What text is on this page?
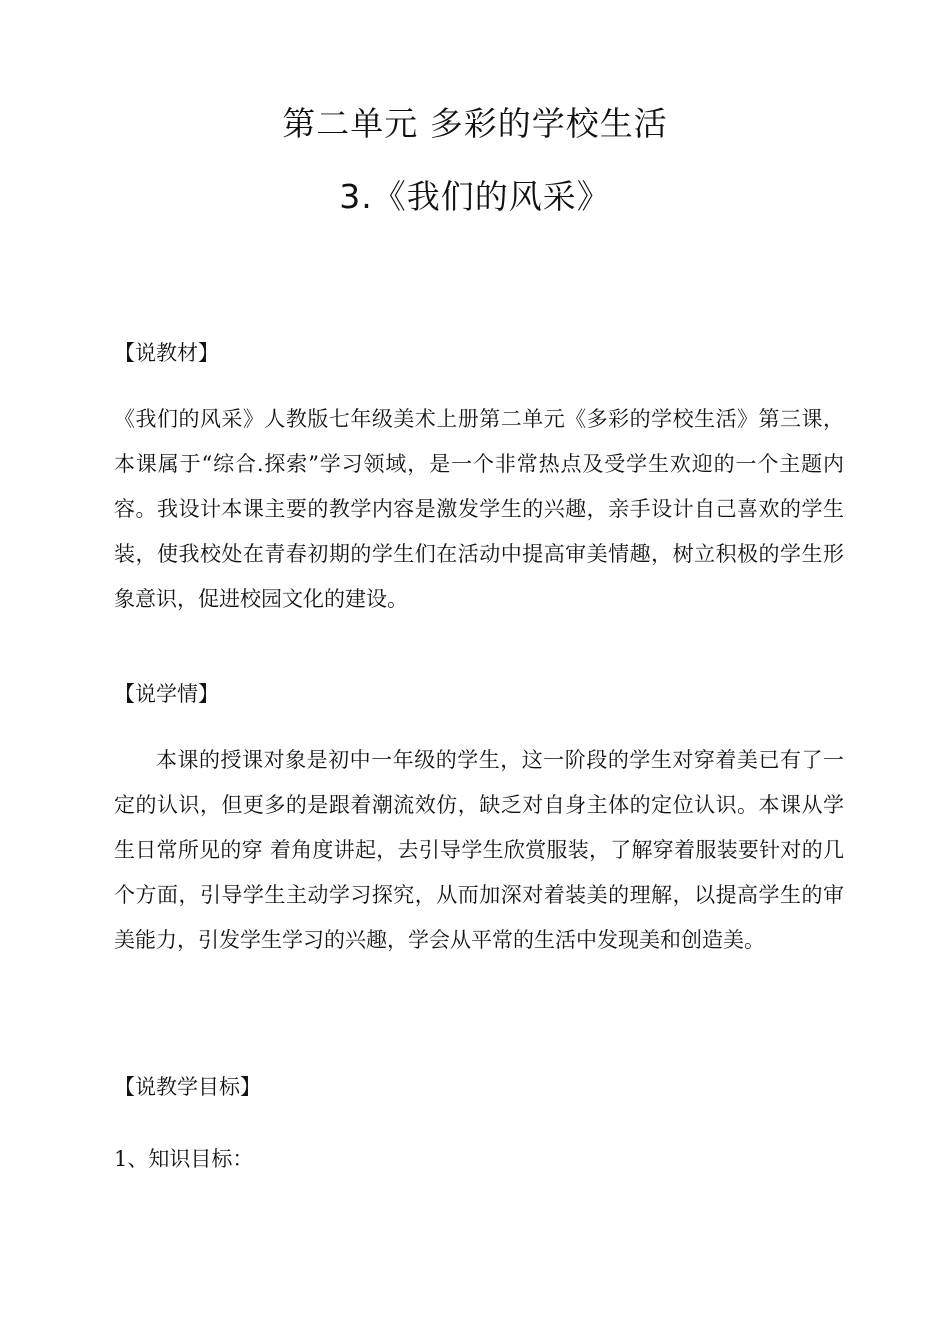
第二单元 多彩的学校生活
3.《我们的风采》

【说教材】

《我们的风采》人教版七年级美术上册第二单元《多彩的学校生活》第三课，本课属于“综合.探索”学习领域，是一个非常热点及受学生欢迎的一个主题内容。我设计本课主要的教学内容是激发学生的兴趣，亲手设计自己喜欢的学生装，使我校处在青春初期的学生们在活动中提高审美情趣，树立积极的学生形象意识，促进校园文化的建设。

【说学情】

本课的授课对象是初中一年级的学生，这一阶段的学生对穿着美已有了一定的认识，但更多的是跟着潮流效仿，缺乏对自身主体的定位认识。本课从学生日常所见的穿 着角度讲起，去引导学生欣赏服装，了解穿着服装要针对的几个方面，引导学生主动学习探究，从而加深对着装美的理解，以提高学生的审美能力，引发学生学习的兴趣，学会从平常的生活中发现美和创造美。

【说教学目标】

1、知识目标：
